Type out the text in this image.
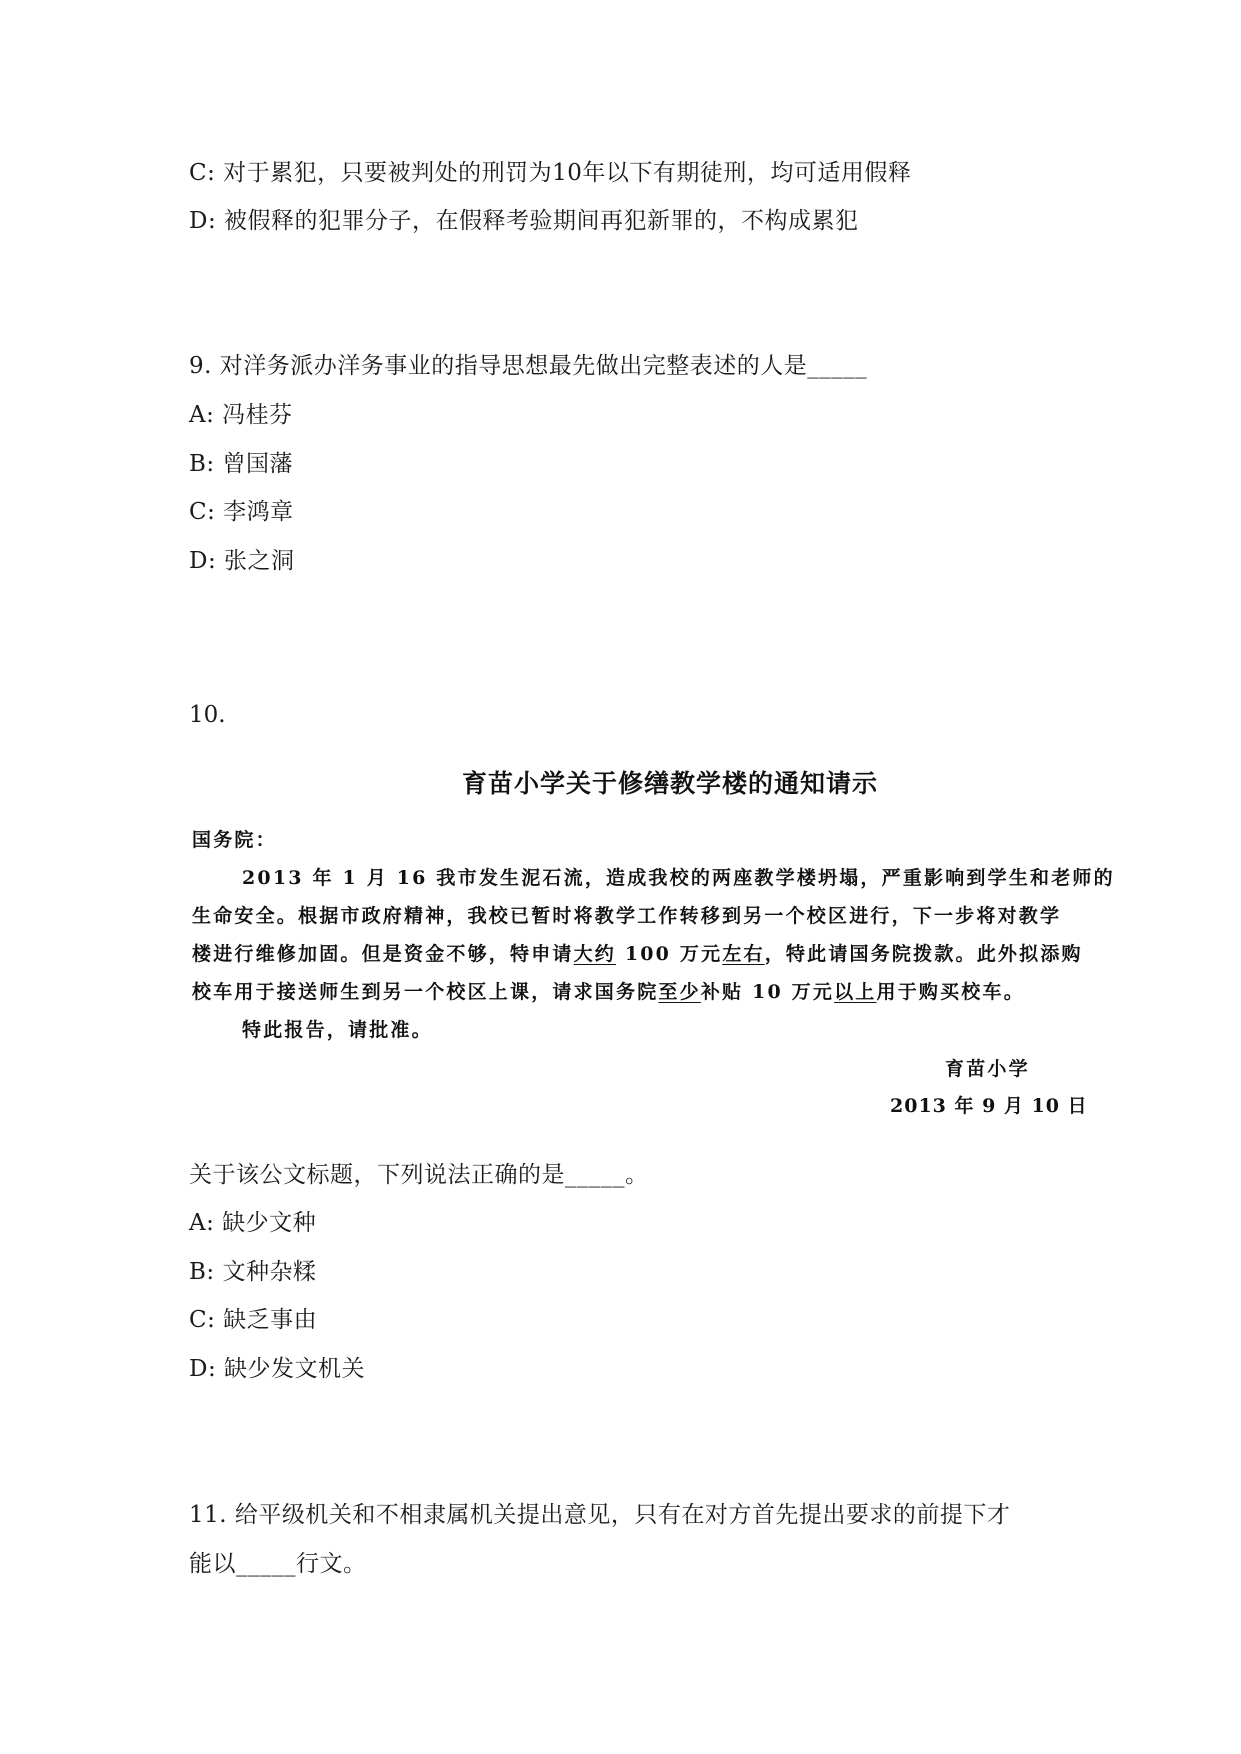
C: 对于累犯，只要被判处的刑罚为10年以下有期徒刑，均可适用假释
D: 被假释的犯罪分子，在假释考验期间再犯新罪的，不构成累犯
9. 对洋务派办洋务事业的指导思想最先做出完整表述的人是_____
A: 冯桂芬
B: 曾国藩
C: 李鸿章
D: 张之洞
10.
育苗小学关于修缮教学楼的通知请示
国务院：
2013 年 1 月 16 我市发生泥石流，造成我校的两座教学楼坍塌，严重影响到学生和老师的
生命安全。根据市政府精神，我校已暂时将教学工作转移到另一个校区进行，下一步将对教学
楼进行维修加固。但是资金不够，特申请大约 100 万元左右，特此请国务院拨款。此外拟添购
校车用于接送师生到另一个校区上课，请求国务院至少补贴 10 万元以上用于购买校车。
特此报告，请批准。
育苗小学
2013 年 9 月 10 日
关于该公文标题，下列说法正确的是_____。
A: 缺少文种
B: 文种杂糅
C: 缺乏事由
D: 缺少发文机关
11. 给平级机关和不相隶属机关提出意见，只有在对方首先提出要求的前提下才
能以_____行文。
